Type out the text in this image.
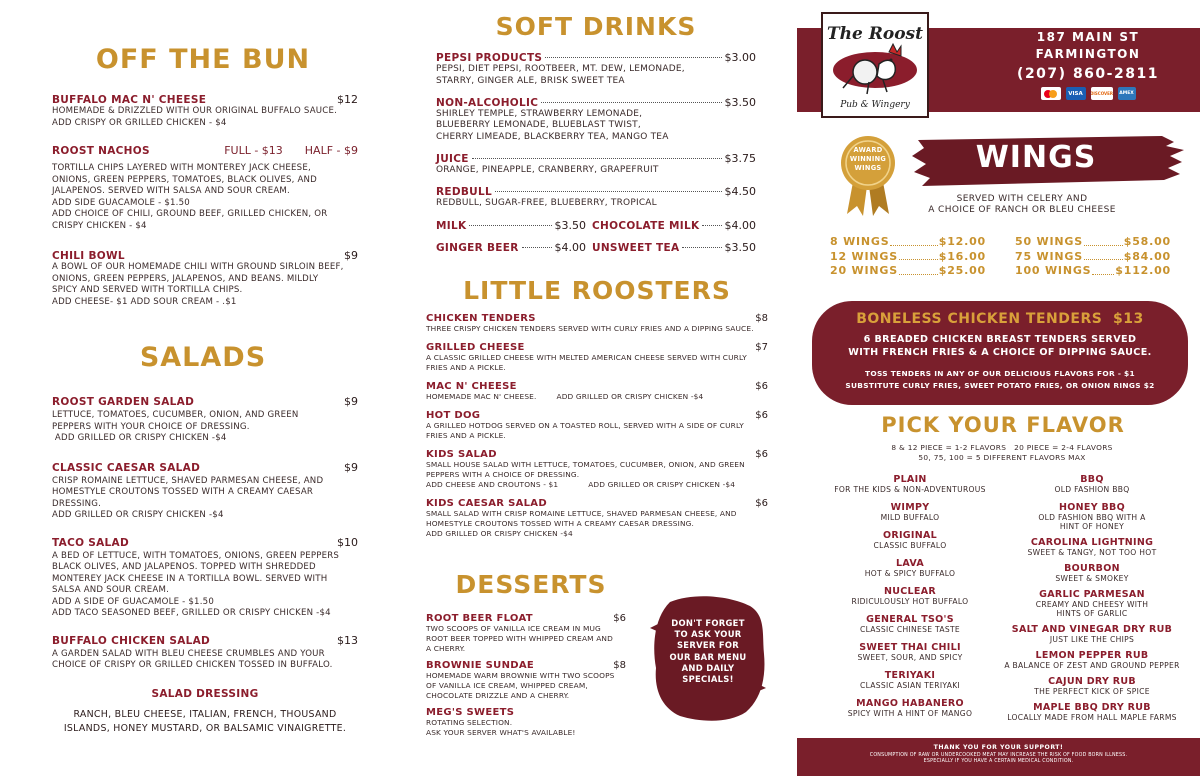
OFF THE BUN
BUFFALO MAC N' CHEESE	$12
HOMEMADE & DRIZZLED WITH OUR ORIGINAL BUFFALO SAUCE.
ADD CRISPY OR GRILLED CHICKEN - $4
ROOST NACHOS	FULL - $13 HALF - $9
TORTILLA CHIPS LAYERED WITH MONTEREY JACK CHEESE,
ONIONS, GREEN PEPPERS, TOMATOES, BLACK OLIVES, AND
JALAPENOS. SERVED WITH SALSA AND SOUR CREAM.
ADD SIDE GUACAMOLE - $1.50
ADD CHOICE OF CHILI, GROUND BEEF, GRILLED CHICKEN, OR
CRISPY CHICKEN - $4
CHILI BOWL	$9
A BOWL OF OUR HOMEMADE CHILI WITH GROUND SIRLOIN BEEF,
ONIONS, GREEN PEPPERS, JALAPENOS, AND BEANS. MILDLY
SPICY AND SERVED WITH TORTILLA CHIPS.
ADD CHEESE- $1 ADD SOUR CREAM - .$1
SALADS
ROOST GARDEN SALAD	$9
LETTUCE, TOMATOES, CUCUMBER, ONION, AND GREEN
PEPPERS WITH YOUR CHOICE OF DRESSING.
ADD GRILLED OR CRISPY CHICKEN -$4
CLASSIC CAESAR SALAD	$9
CRISP ROMAINE LETTUCE, SHAVED PARMESAN CHEESE, AND
HOMESTYLE CROUTONS TOSSED WITH A CREAMY CAESAR
DRESSING.
ADD GRILLED OR CRISPY CHICKEN -$4
TACO SALAD	$10
A BED OF LETTUCE, WITH TOMATOES, ONIONS, GREEN PEPPERS
BLACK OLIVES, AND JALAPENOS. TOPPED WITH SHREDDED
MONTEREY JACK CHEESE IN A TORTILLA BOWL. SERVED WITH
SALSA AND SOUR CREAM.
ADD A SIDE OF GUACAMOLE - $1.50
ADD TACO SEASONED BEEF, GRILLED OR CRISPY CHICKEN -$4
BUFFALO CHICKEN SALAD	$13
A GARDEN SALAD WITH BLEU CHEESE CRUMBLES AND YOUR
CHOICE OF CRISPY OR GRILLED CHICKEN TOSSED IN BUFFALO.
SALAD DRESSING
RANCH, BLEU CHEESE, ITALIAN, FRENCH, THOUSAND
ISLANDS, HONEY MUSTARD, OR BALSAMIC VINAIGRETTE.
SOFT DRINKS
PEPSI PRODUCTS	$3.00
PEPSI, DIET PEPSI, ROOTBEER, MT. DEW, LEMONADE,
STARRY, GINGER ALE, BRISK SWEET TEA
NON-ALCOHOLIC	$3.50
SHIRLEY TEMPLE, STRAWBERRY LEMONADE,
BLUEBERRY LEMONADE, BLUEBLAST TWIST,
CHERRY LIMEADE, BLACKBERRY TEA, MANGO TEA
JUICE	$3.75
ORANGE, PINEAPPLE, CRANBERRY, GRAPEFRUIT
REDBULL	$4.50
REDBULL, SUGAR-FREE, BLUEBERRY, TROPICAL
MILK	$3.50 CHOCOLATE MILK $4.00
GINGER BEER	$4.00 UNSWEET TEA	$3.50
LITTLE ROOSTERS
CHICKEN TENDERS	$8
THREE CRISPY CHICKEN TENDERS SERVED WITH CURLY FRIES AND A DIPPING SAUCE.
GRILLED CHEESE	$7
A CLASSIC GRILLED CHEESE WITH MELTED AMERICAN CHEESE SERVED WITH CURLY
FRIES AND A PICKLE.
MAC N' CHEESE	$6
HOMEMADE MAC N' CHEESE.        ADD GRILLED OR CRISPY CHICKEN -$4
HOT DOG	$6
A GRILLED HOTDOG SERVED ON A TOASTED ROLL, SERVED WITH A SIDE OF CURLY
FRIES AND A PICKLE.
KIDS SALAD	$6
SMALL HOUSE SALAD WITH LETTUCE, TOMATOES, CUCUMBER, ONION, AND GREEN
PEPPERS WITH A CHOICE OF DRESSING.
ADD CHEESE AND CROUTONS - $1            ADD GRILLED OR CRISPY CHICKEN -$4
KIDS CAESAR SALAD	$6
SMALL SALAD WITH CRISP ROMAINE LETTUCE, SHAVED PARMESAN CHEESE, AND
HOMESTYLE CROUTONS TOSSED WITH A CREAMY CAESAR DRESSING.
ADD GRILLED OR CRISPY CHICKEN -$4
DESSERTS
ROOT BEER FLOAT	$6
TWO SCOOPS OF VANILLA ICE CREAM IN MUG
ROOT BEER TOPPED WITH WHIPPED CREAM AND
A CHERRY.
BROWNIE SUNDAE	$8
HOMEMADE WARM BROWNIE WITH TWO SCOOPS
OF VANILLA ICE CREAM, WHIPPED CREAM,
CHOCOLATE DRIZZLE AND A CHERRY.
MEG'S SWEETS
ROTATING SELECTION.
ASK YOUR SERVER WHAT'S AVAILABLE!
DON'T FORGET
TO ASK YOUR
SERVER FOR
OUR BAR MENU
AND DAILY
SPECIALS!
The Roost
Pub & Wingery
187 MAIN ST
FARMINGTON
(207) 860-2811
VISA	DISCOVER	AMEX
AWARD
WINNING
WINGS	WINGS
SERVED WITH CELERY AND
A CHOICE OF RANCH OR BLEU CHEESE
8 WINGS	$12.00
12 WINGS	$16.00
20 WINGS	$25.00
50 WINGS	$58.00
75 WINGS	$84.00
100 WINGS $112.00
BONELESS CHICKEN TENDERS  $13
6 BREADED CHICKEN BREAST TENDERS SERVED
WITH FRENCH FRIES & A CHOICE OF DIPPING SAUCE.
TOSS TENDERS IN ANY OF OUR DELICIOUS FLAVORS FOR - $1
SUBSTITUTE CURLY FRIES, SWEET POTATO FRIES, OR ONION RINGS $2
PICK YOUR FLAVOR
8 & 12 PIECE = 1-2 FLAVORS   20 PIECE = 2-4 FLAVORS
50, 75, 100 = 5 DIFFERENT FLAVORS MAX
PLAIN
FOR THE KIDS & NON-ADVENTUROUS
WIMPY
MILD BUFFALO
ORIGINAL
CLASSIC BUFFALO
LAVA
HOT & SPICY BUFFALO
NUCLEAR
RIDICULOUSLY HOT BUFFALO
GENERAL TSO'S
CLASSIC CHINESE TASTE
SWEET THAI CHILI
SWEET, SOUR, AND SPICY
TERIYAKI
CLASSIC ASIAN TERIYAKI
MANGO HABANERO
SPICY WITH A HINT OF MANGO
BBQ
OLD FASHION BBQ
HONEY BBQ
OLD FASHION BBQ WITH A
HINT OF HONEY
CAROLINA LIGHTNING
SWEET & TANGY, NOT TOO HOT
BOURBON
SWEET & SMOKEY
GARLIC PARMESAN
CREAMY AND CHEESY WITH
HINTS OF GARLIC
SALT AND VINEGAR DRY RUB
JUST LIKE THE CHIPS
LEMON PEPPER RUB
A BALANCE OF ZEST AND GROUND PEPPER
CAJUN DRY RUB
THE PERFECT KICK OF SPICE
MAPLE BBQ DRY RUB
LOCALLY MADE FROM HALL MAPLE FARMS
THANK YOU FOR YOUR SUPPORT!
CONSUMPTION OF RAW OR UNDERCOOKED MEAT MAY INCREASE THE RISK OF FOOD BORN ILLNESS.
ESPECIALLY IF YOU HAVE A CERTAIN MEDICAL CONDITION.
